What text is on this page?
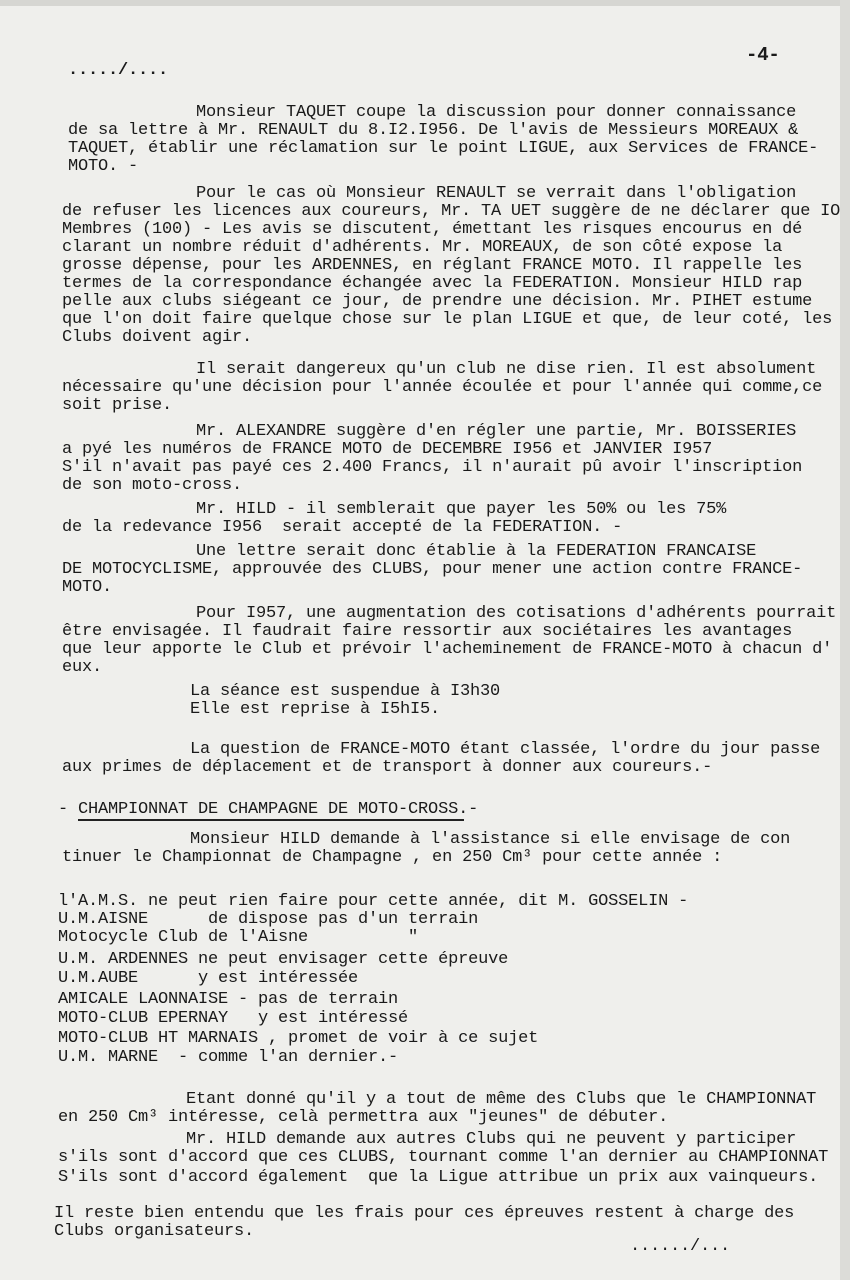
...../....
-4-
Monsieur TAQUET coupe la discussion pour donner connaissance
de sa lettre à Mr. RENAULT du 8.I2.I956. De l'avis de Messieurs MOREAUX &
TAQUET, établir une réclamation sur le point LIGUE, aux Services de FRANCE-
MOTO. -
Pour le cas où Monsieur RENAULT se verrait dans l'obligation
de refuser les licences aux coureurs, Mr. TA UET suggère de ne déclarer que IO
Membres (100) - Les avis se discutent, émettant les risques encourus en dé
clarant un nombre réduit d'adhérents. Mr. MOREAUX, de son côté expose la
grosse dépense, pour les ARDENNES, en réglant FRANCE MOTO. Il rappelle les
termes de la correspondance échangée avec la FEDERATION. Monsieur HILD rap
pelle aux clubs siégeant ce jour, de prendre une décision. Mr. PIHET estume
que l'on doit faire quelque chose sur le plan LIGUE et que, de leur coté, les
Clubs doivent agir.
Il serait dangereux qu'un club ne dise rien. Il est absolument
nécessaire qu'une décision pour l'année écoulée et pour l'année qui comme,ce
soit prise.
Mr. ALEXANDRE suggère d'en régler une partie, Mr. BOISSERIES
a pyé les numéros de FRANCE MOTO de DECEMBRE I956 et JANVIER I957
S'il n'avait pas payé ces 2.400 Francs, il n'aurait pû avoir l'inscription
de son moto-cross.
Mr. HILD - il semblerait que payer les 50% ou les 75%
de la redevance I956  serait accepté de la FEDERATION. -
Une lettre serait donc établie à la FEDERATION FRANCAISE
DE MOTOCYCLISME, approuvée des CLUBS, pour mener une action contre FRANCE-
MOTO.
Pour I957, une augmentation des cotisations d'adhérents pourrait
être envisagée. Il faudrait faire ressortir aux sociétaires les avantages
que leur apporte le Club et prévoir l'acheminement de FRANCE-MOTO à chacun d'
eux.
La séance est suspendue à I3h30
Elle est reprise à I5hI5.
La question de FRANCE-MOTO étant classée, l'ordre du jour passe
aux primes de déplacement et de transport à donner aux coureurs.-
- CHAMPIONNAT DE CHAMPAGNE DE MOTO-CROSS.-
Monsieur HILD demande à l'assistance si elle envisage de con
tinuer le Championnat de Champagne , en 250 Cm³ pour cette année :
l'A.M.S. ne peut rien faire pour cette année, dit M. GOSSELIN -
U.M.AISNE      de dispose pas d'un terrain
Motocycle Club de l'Aisne          "
U.M. ARDENNES ne peut envisager cette épreuve
U.M.AUBE      y est intéressée
AMICALE LAONNAISE - pas de terrain
MOTO-CLUB EPERNAY   y est intéressé
MOTO-CLUB HT MARNAIS , promet de voir à ce sujet
U.M. MARNE  - comme l'an dernier.-
Etant donné qu'il y a tout de même des Clubs que le CHAMPIONNAT
en 250 Cm³ intéresse, celà permettra aux "jeunes" de débuter.
Mr. HILD demande aux autres Clubs qui ne peuvent y participer
s'ils sont d'accord que ces CLUBS, tournant comme l'an dernier au CHAMPIONNAT
S'ils sont d'accord également  que la Ligue attribue un prix aux vainqueurs.
Il reste bien entendu que les frais pour ces épreuves restent à charge des
Clubs organisateurs.
....../...
